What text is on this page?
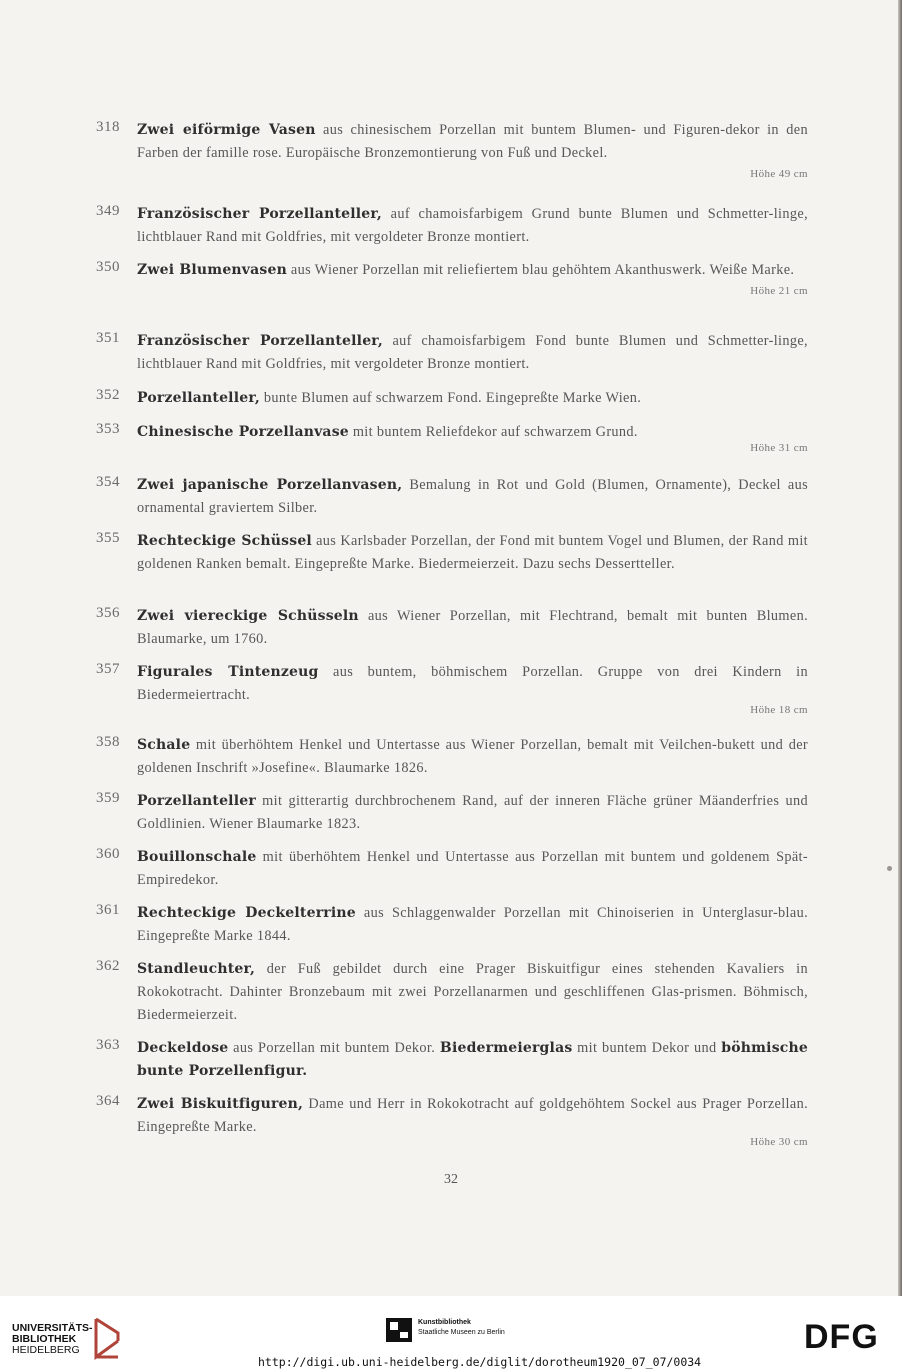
318	Zwei eiförmige Vasen aus chinesischem Porzellan mit buntem Blumen- und Figuren-dekor in den Farben der famille rose. Europäische Bronzemontierung von Fuß und Deckel.
Höhe 49 cm
349	Französischer Porzellanteller, auf chamoisfarbigem Grund bunte Blumen und Schmetter-linge, lichtblauer Rand mit Goldfries, mit vergoldeter Bronze montiert.
350	Zwei Blumenvasen aus Wiener Porzellan mit reliefiertem blau gehöhtem Akanthuswerk. Weiße Marke.
Höhe 21 cm
351	Französischer Porzellanteller, auf chamoisfarbigem Fond bunte Blumen und Schmetter-linge, lichtblauer Rand mit Goldfries, mit vergoldeter Bronze montiert.
352	Porzellanteller, bunte Blumen auf schwarzem Fond. Eingepreßte Marke Wien.
353	Chinesische Porzellanvase mit buntem Reliefdekor auf schwarzem Grund.
Höhe 31 cm
354	Zwei japanische Porzellanvasen, Bemalung in Rot und Gold (Blumen, Ornamente), Deckel aus ornamental graviertem Silber.
355	Rechteckige Schüssel aus Karlsbader Porzellan, der Fond mit buntem Vogel und Blumen, der Rand mit goldenen Ranken bemalt. Eingepreßte Marke. Biedermeierzeit. Dazu sechs Dessertteller.
356	Zwei viereckige Schüsseln aus Wiener Porzellan, mit Flechtrand, bemalt mit bunten Blumen. Blaumarke, um 1760.
357	Figurales Tintenzeug aus buntem, böhmischem Porzellan. Gruppe von drei Kindern in Biedermeiertracht.
Höhe 18 cm
358	Schale mit überhöhtem Henkel und Untertasse aus Wiener Porzellan, bemalt mit Veilchen-bukett und der goldenen Inschrift »Josefine«. Blaumarke 1826.
359	Porzellanteller mit gitterartig durchbrochenem Rand, auf der inneren Fläche grüner Mäanderfries und Goldlinien. Wiener Blaumarke 1823.
360	Bouillonschale mit überhöhtem Henkel und Untertasse aus Porzellan mit buntem und goldenem Spät-Empiredekor.
361	Rechteckige Deckelterrine aus Schlaggenwalder Porzellan mit Chinoiserien in Unterglasur-blau. Eingepreßte Marke 1844.
362	Standleuchter, der Fuß gebildet durch eine Prager Biskuitfigur eines stehenden Kavaliers in Rokokotracht. Dahinter Bronzebaum mit zwei Porzellanarmen und geschliffenen Glas-prismen. Böhmisch, Biedermeierzeit.
363	Deckeldose aus Porzellan mit buntem Dekor. Biedermeierglas mit buntem Dekor und böhmische bunte Porzellenfigur.
364	Zwei Biskuitfiguren, Dame und Herr in Rokokotracht auf goldgehöhtem Sockel aus Prager Porzellan. Eingepreßte Marke.
Höhe 30 cm
32
UNIVERSITÄTS-
BIBLIOTHEK
HEIDELBERG
Kunstbibliothek
Staatliche Museen zu Berlin	DFG
http://digi.ub.uni-heidelberg.de/diglit/dorotheum1920_07_07/0034
